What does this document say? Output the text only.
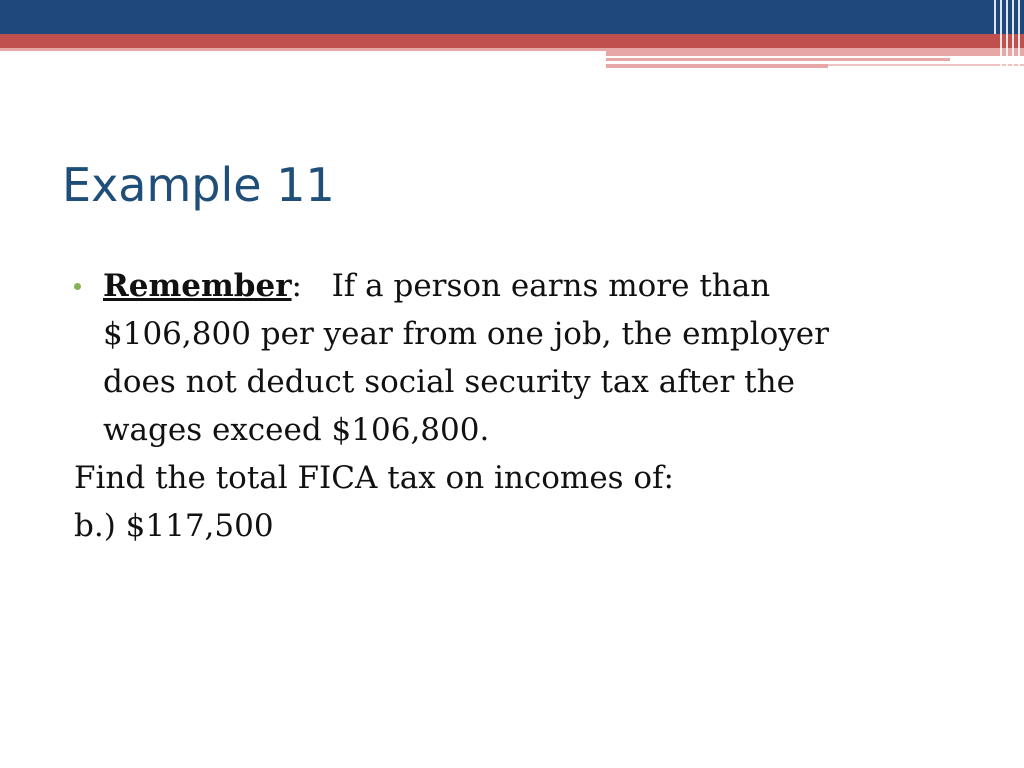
Example 11
Remember: If a person earns more than
$106,800 per year from one job, the employer
does not deduct social security tax after the
wages exceed $106,800.

Find the total FICA tax on incomes of:

b.) $117,500
